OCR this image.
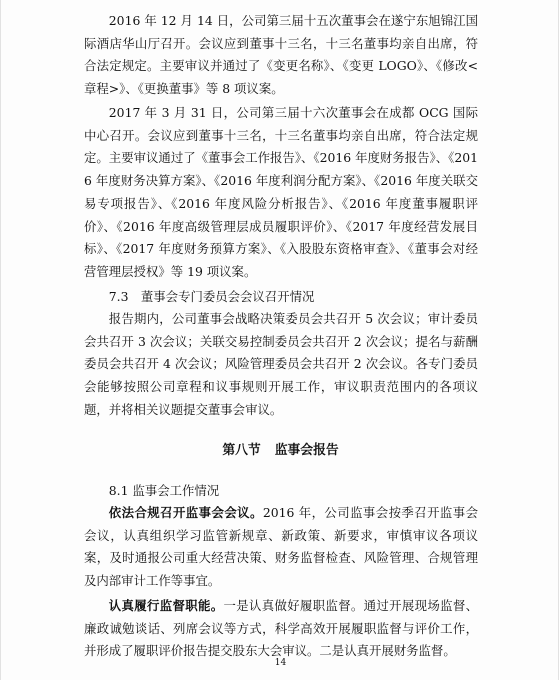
2016 年 12 月 14 日，公司第三届十五次董事会在遂宁东旭锦江国际酒店华山厅召开。会议应到董事十三名，十三名董事均亲自出席，符合法定规定。主要审议并通过了《变更名称》、《变更 LOGO》、《修改<章程>》、《更换董事》等 8 项议案。

2017 年 3 月 31 日，公司第三届十六次董事会在成都 OCG 国际中心召开。会议应到董事十三名，十三名董事均亲自出席，符合法定规定。主要审议通过了《董事会工作报告》、《2016 年度财务报告》、《2016 年度财务决算方案》、《2016 年度利润分配方案》、《2016 年度关联交易专项报告》、《2016 年度风险分析报告》、《2016 年度董事履职评价》、《2016 年度高级管理层成员履职评价》、《2017 年度经营发展目标》、《2017 年度财务预算方案》、《入股股东资格审查》、《董事会对经营管理层授权》等 19 项议案。

7.3　董事会专门委员会会议召开情况

报告期内，公司董事会战略决策委员会共召开 5 次会议；审计委员会共召开 3 次会议；关联交易控制委员会共召开 2 次会议；提名与薪酬委员会共召开 4 次会议；风险管理委员会共召开 2 次会议。各专门委员会能够按照公司章程和议事规则开展工作，审议职责范围内的各项议题，并将相关议题提交董事会审议。

第八节 监事会报告

8.1 监事会工作情况

依法合规召开监事会会议。2016 年，公司监事会按季召开监事会会议，认真组织学习监管新规章、新政策、新要求，审慎审议各项议案，及时通报公司重大经营决策、财务监督检查、风险管理、合规管理及内部审计工作等事宜。

认真履行监督职能。一是认真做好履职监督。通过开展现场监督、廉政诚勉谈话、列席会议等方式，科学高效开展履职监督与评价工作，并形成了履职评价报告提交股东大会审议。二是认真开展财务监督。

14
